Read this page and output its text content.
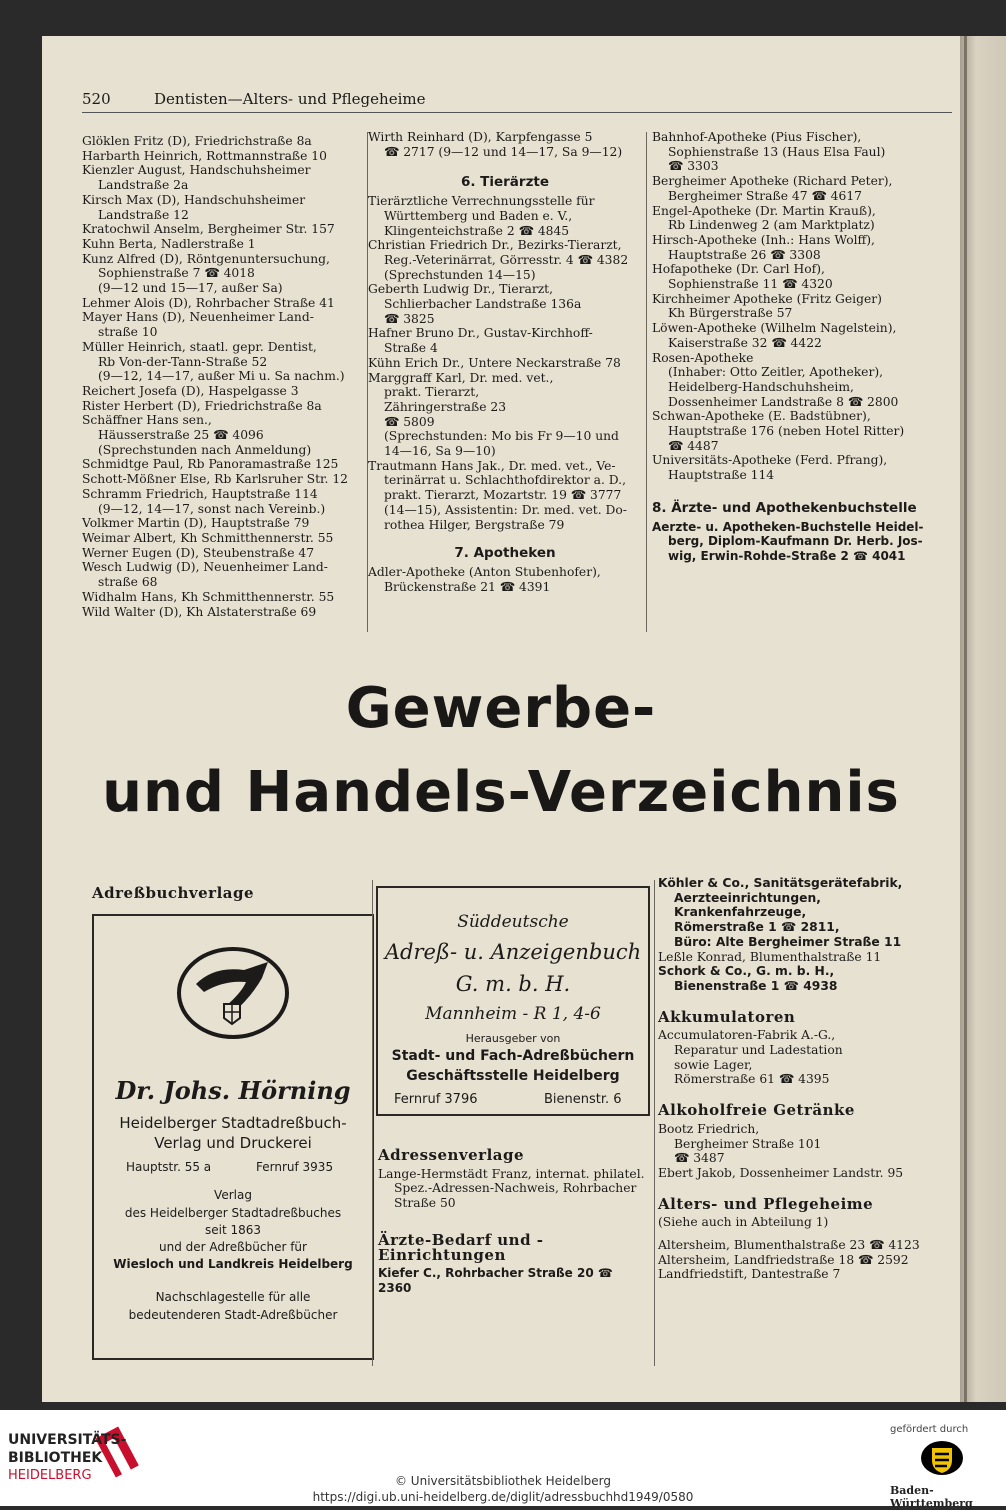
520	Dentisten—Alters- und Pflegeheime
Glöklen Fritz (D), Friedrichstraße 8a
Harbarth Heinrich, Rottmannstraße 10
Kienzler August, Handschuhsheimer
Landstraße 2a
Kirsch Max (D), Handschuhsheimer
Landstraße 12
Kratochwil Anselm, Bergheimer Str. 157
Kuhn Berta, Nadlerstraße 1
Kunz Alfred (D), Röntgenuntersuchung,
Sophienstraße 7 ☎ 4018
(9—12 und 15—17, außer Sa)
Lehmer Alois (D), Rohrbacher Straße 41
Mayer Hans (D), Neuenheimer Land-
straße 10
Müller Heinrich, staatl. gepr. Dentist,
Rb Von-der-Tann-Straße 52
(9—12, 14—17, außer Mi u. Sa nachm.)
Reichert Josefa (D), Haspelgasse 3
Rister Herbert (D), Friedrichstraße 8a
Schäffner Hans sen.,
Häusserstraße 25 ☎ 4096
(Sprechstunden nach Anmeldung)
Schmidtge Paul, Rb Panoramastraße 125
Schott-Mößner Else, Rb Karlsruher Str. 12
Schramm Friedrich, Hauptstraße 114
(9—12, 14—17, sonst nach Vereinb.)
Volkmer Martin (D), Hauptstraße 79
Weimar Albert, Kh Schmitthennerstr. 55
Werner Eugen (D), Steubenstraße 47
Wesch Ludwig (D), Neuenheimer Land-
straße 68
Widhalm Hans, Kh Schmitthennerstr. 55
Wild Walter (D), Kh Alstaterstraße 69
Wirth Reinhard (D), Karpfengasse 5
☎ 2717 (9—12 und 14—17, Sa 9—12)
6. Tierärzte
Tierärztliche Verrechnungsstelle für
Württemberg und Baden e. V.,
Klingenteichstraße 2 ☎ 4845
Christian Friedrich Dr., Bezirks-Tierarzt,
Reg.-Veterinärrat, Görresstr. 4 ☎ 4382
(Sprechstunden 14—15)
Geberth Ludwig Dr., Tierarzt,
Schlierbacher Landstraße 136a
☎ 3825
Hafner Bruno Dr., Gustav-Kirchhoff-
Straße 4
Kühn Erich Dr., Untere Neckarstraße 78
Marggraff Karl, Dr. med. vet.,
prakt. Tierarzt,
Zähringerstraße 23
☎ 5809
(Sprechstunden: Mo bis Fr 9—10 und
14—16, Sa 9—10)
Trautmann Hans Jak., Dr. med. vet., Ve-
terinärrat u. Schlachthofdirektor a. D.,
prakt. Tierarzt, Mozartstr. 19 ☎ 3777
(14—15), Assistentin: Dr. med. vet. Do-
rothea Hilger, Bergstraße 79
7. Apotheken
Adler-Apotheke (Anton Stubenhofer),
Brückenstraße 21 ☎ 4391
Bahnhof-Apotheke (Pius Fischer),
Sophienstraße 13 (Haus Elsa Faul)
☎ 3303
Bergheimer Apotheke (Richard Peter),
Bergheimer Straße 47 ☎ 4617
Engel-Apotheke (Dr. Martin Krauß),
Rb Lindenweg 2 (am Marktplatz)
Hirsch-Apotheke (Inh.: Hans Wolff),
Hauptstraße 26 ☎ 3308
Hofapotheke (Dr. Carl Hof),
Sophienstraße 11 ☎ 4320
Kirchheimer Apotheke (Fritz Geiger)
Kh Bürgerstraße 57
Löwen-Apotheke (Wilhelm Nagelstein),
Kaiserstraße 32 ☎ 4422
Rosen-Apotheke
(Inhaber: Otto Zeitler, Apotheker),
Heidelberg-Handschuhsheim,
Dossenheimer Landstraße 8 ☎ 2800
Schwan-Apotheke (E. Badstübner),
Hauptstraße 176 (neben Hotel Ritter)
☎ 4487
Universitäts-Apotheke (Ferd. Pfrang),
Hauptstraße 114
8. Ärzte- und Apothekenbuchstelle
Aerzte- u. Apotheken-Buchstelle Heidel-
berg, Diplom-Kaufmann Dr. Herb. Jos-
wig, Erwin-Rohde-Straße 2 ☎ 4041
Gewerbe-
und Handels-Verzeichnis
Adreßbuchverlage
Dr. Johs. Hörning
Heidelberger Stadtadreßbuch-
Verlag und Druckerei
Hauptstr. 55 a	Fernruf 3935
Verlag
des Heidelberger Stadtadreßbuches
seit 1863
und der Adreßbücher für
Wiesloch und Landkreis Heidelberg
Nachschlagestelle für alle
bedeutenderen Stadt-Adreßbücher
Süddeutsche
Adreß- u. Anzeigenbuch
G. m. b. H.
Mannheim - R 1, 4-6
Herausgeber von
Stadt- und Fach-Adreßbüchern
Geschäftsstelle Heidelberg
Fernruf 3796	Bienenstr. 6
Adressenverlage
Lange-Hermstädt Franz, internat. philatel.
Spez.-Adressen-Nachweis, Rohrbacher
Straße 50
Ärzte-Bedarf und -Einrichtungen
Kiefer C., Rohrbacher Straße 20 ☎ 2360
Köhler & Co., Sanitätsgerätefabrik,
Aerzteeinrichtungen, Krankenfahrzeuge,
Römerstraße 1 ☎ 2811,
Büro: Alte Bergheimer Straße 11
Leßle Konrad, Blumenthalstraße 11
Schork & Co., G. m. b. H.,
Bienenstraße 1 ☎ 4938
Akkumulatoren
Accumulatoren-Fabrik A.-G.,
Reparatur und Ladestation
sowie Lager,
Römerstraße 61 ☎ 4395
Alkoholfreie Getränke
Bootz Friedrich,
Bergheimer Straße 101
☎ 3487
Ebert Jakob, Dossenheimer Landstr. 95
Alters- und Pflegeheime
(Siehe auch in Abteilung 1)
Altersheim, Blumenthalstraße 23 ☎ 4123
Altersheim, Landfriedstraße 18 ☎ 2592
Landfriedstift, Dantestraße 7
UNIVERSITÄTS-
BIBLIOTHEK
HEIDELBERG	© Universitätsbibliothek Heidelberg
https://digi.ub.uni-heidelberg.de/diglit/adressbuchhd1949/0580
gefördert durch
Baden-Württemberg
